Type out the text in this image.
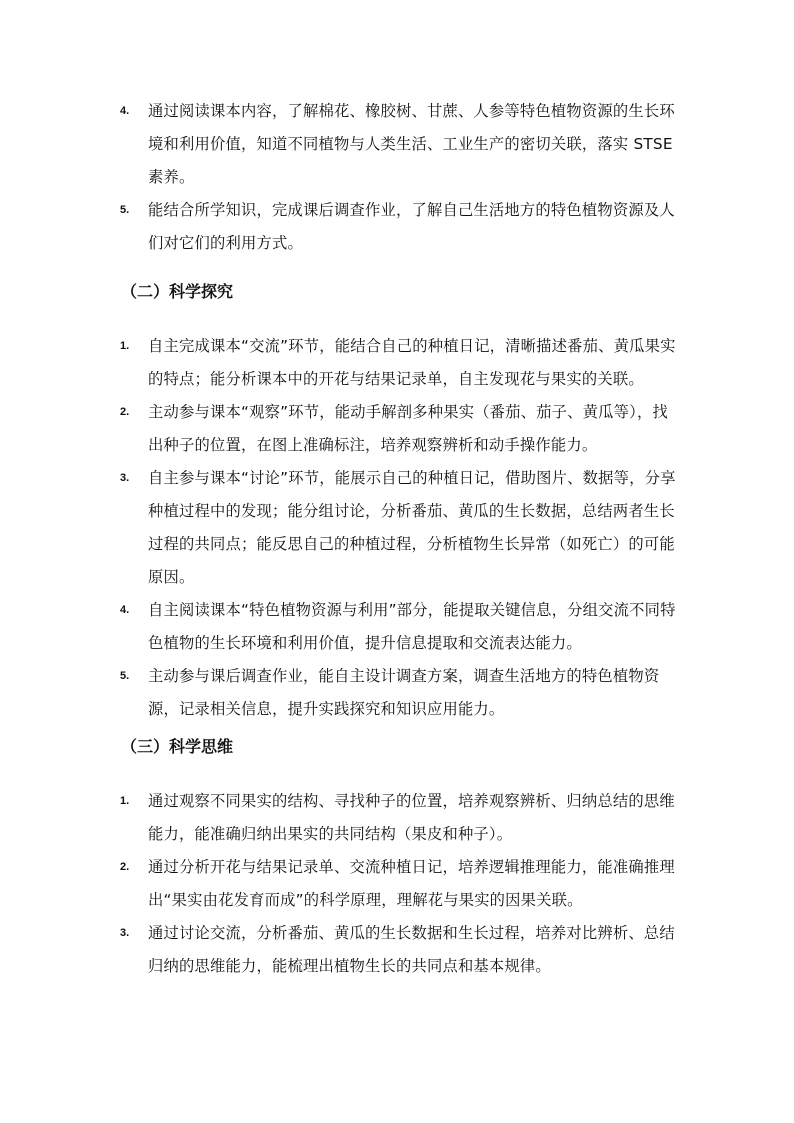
4. 通过阅读课本内容，了解棉花、橡胶树、甘蔗、人参等特色植物资源的生长环境和利用价值，知道不同植物与人类生活、工业生产的密切关联，落实 STSE 素养。
5. 能结合所学知识，完成课后调查作业，了解自己生活地方的特色植物资源及人们对它们的利用方式。
（二）科学探究
1. 自主完成课本“交流”环节，能结合自己的种植日记，清晰描述番茄、黄瓜果实的特点；能分析课本中的开花与结果记录单，自主发现花与果实的关联。
2. 主动参与课本“观察”环节，能动手解剖多种果实（番茄、茄子、黄瓜等），找出种子的位置，在图上准确标注，培养观察辨析和动手操作能力。
3. 自主参与课本“讨论”环节，能展示自己的种植日记，借助图片、数据等，分享种植过程中的发现；能分组讨论，分析番茄、黄瓜的生长数据，总结两者生长过程的共同点；能反思自己的种植过程，分析植物生长异常（如死亡）的可能原因。
4. 自主阅读课本“特色植物资源与利用”部分，能提取关键信息，分组交流不同特色植物的生长环境和利用价值，提升信息提取和交流表达能力。
5. 主动参与课后调查作业，能自主设计调查方案，调查生活地方的特色植物资源，记录相关信息，提升实践探究和知识应用能力。
（三）科学思维
1. 通过观察不同果实的结构、寻找种子的位置，培养观察辨析、归纳总结的思维能力，能准确归纳出果实的共同结构（果皮和种子）。
2. 通过分析开花与结果记录单、交流种植日记，培养逻辑推理能力，能准确推理出“果实由花发育而成”的科学原理，理解花与果实的因果关联。
3. 通过讨论交流，分析番茄、黄瓜的生长数据和生长过程，培养对比辨析、总结归纳的思维能力，能梳理出植物生长的共同点和基本规律。
